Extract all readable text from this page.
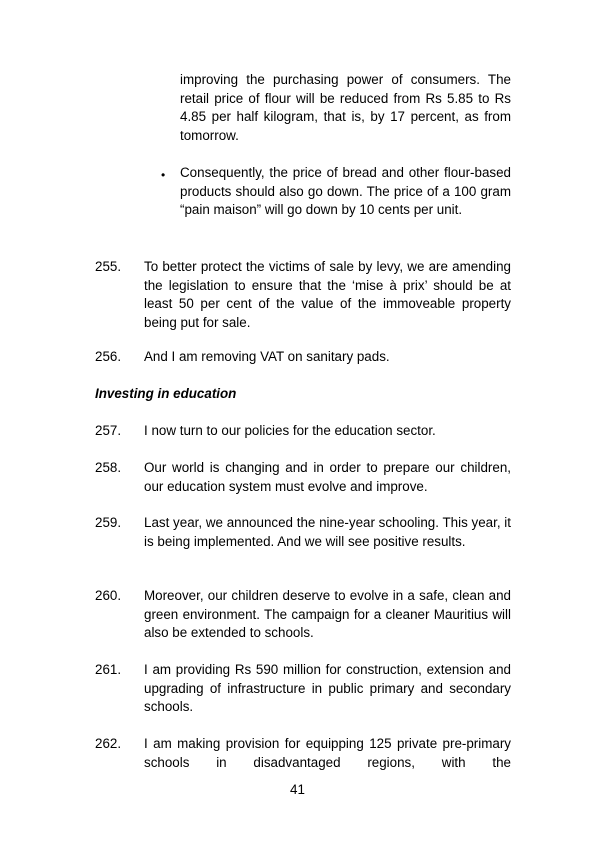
improving the purchasing power of consumers. The retail price of flour will be reduced from Rs 5.85 to Rs 4.85 per half kilogram, that is, by 17 percent, as from tomorrow.
• Consequently, the price of bread and other flour-based products should also go down. The price of a 100 gram “pain maison” will go down by 10 cents per unit.
255. To better protect the victims of sale by levy, we are amending the legislation to ensure that the ‘mise à prix’ should be at least 50 per cent of the value of the immoveable property being put for sale.
256. And I am removing VAT on sanitary pads.
Investing in education
257. I now turn to our policies for the education sector.
258. Our world is changing and in order to prepare our children, our education system must evolve and improve.
259. Last year, we announced the nine-year schooling. This year, it is being implemented. And we will see positive results.
260. Moreover, our children deserve to evolve in a safe, clean and green environment. The campaign for a cleaner Mauritius will also be extended to schools.
261. I am providing Rs 590 million for construction, extension and upgrading of infrastructure in public primary and secondary schools.
262. I am making provision for equipping 125 private pre-primary schools in disadvantaged regions, with the
41
